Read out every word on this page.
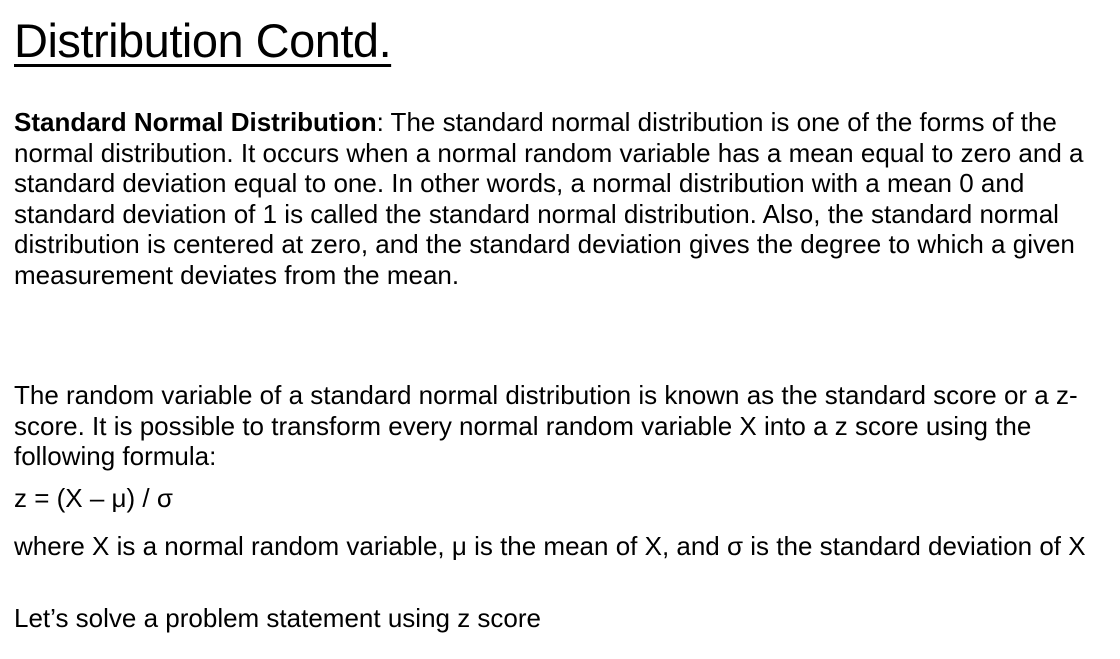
Distribution Contd.

Standard Normal Distribution: The standard normal distribution is one of the forms of the normal distribution. It occurs when a normal random variable has a mean equal to zero and a standard deviation equal to one. In other words, a normal distribution with a mean 0 and standard deviation of 1 is called the standard normal distribution. Also, the standard normal distribution is centered at zero, and the standard deviation gives the degree to which a given measurement deviates from the mean.

The random variable of a standard normal distribution is known as the standard score or a z-score. It is possible to transform every normal random variable X into a z score using the following formula:

z = (X – μ) / σ

where X is a normal random variable, μ is the mean of X, and σ is the standard deviation of X

Let’s solve a problem statement using z score
